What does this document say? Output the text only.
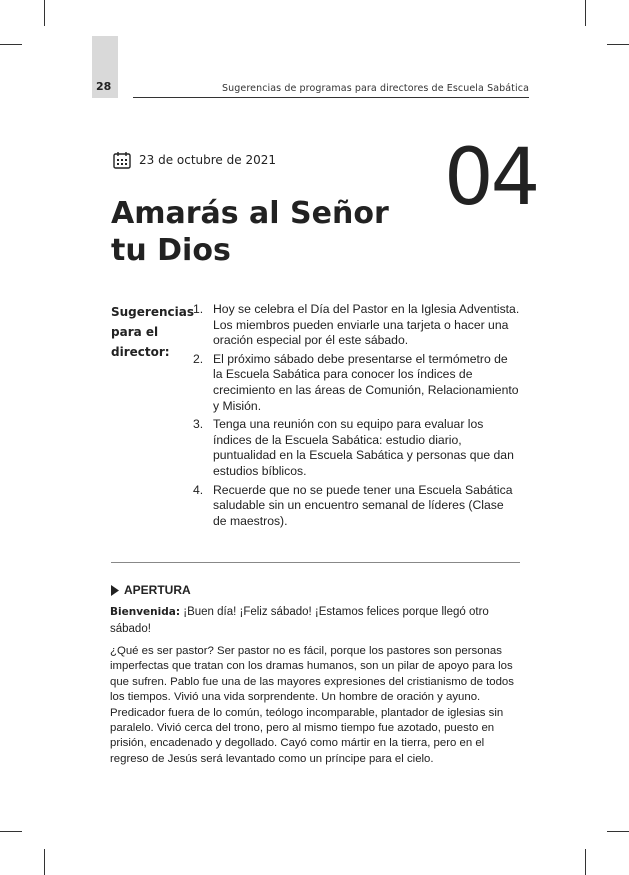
28	Sugerencias de programas para directores de Escuela Sabática
23 de octubre de 2021 04
Amarás al Señor
tu Dios
Sugerencias
para el
director:
1. Hoy se celebra el Día del Pastor en la Iglesia Adventista. Los miembros pueden enviarle una tarjeta o hacer una oración especial por él este sábado.
2. El próximo sábado debe presentarse el termómetro de la Escuela Sabática para conocer los índices de crecimiento en las áreas de Comunión, Relacionamiento y Misión.
3. Tenga una reunión con su equipo para evaluar los índices de la Escuela Sabática: estudio diario, puntualidad en la Escuela Sabática y personas que dan estudios bíblicos.
4. Recuerde que no se puede tener una Escuela Sabática saludable sin un encuentro semanal de líderes (Clase de maestros).
APERTURA

Bienvenida: ¡Buen día! ¡Feliz sábado! ¡Estamos felices porque llegó otro sábado!

¿Qué es ser pastor? Ser pastor no es fácil, porque los pastores son personas imperfectas que tratan con los dramas humanos, son un pilar de apoyo para los que sufren. Pablo fue una de las mayores expresiones del cristianismo de todos los tiempos. Vivió una vida sorprendente. Un hombre de oración y ayuno. Predicador fuera de lo común, teólogo incomparable, plantador de iglesias sin paralelo. Vivió cerca del trono, pero al mismo tiempo fue azotado, puesto en prisión, encadenado y degollado. Cayó como mártir en la tierra, pero en el regreso de Jesús será levantado como un príncipe para el cielo.
